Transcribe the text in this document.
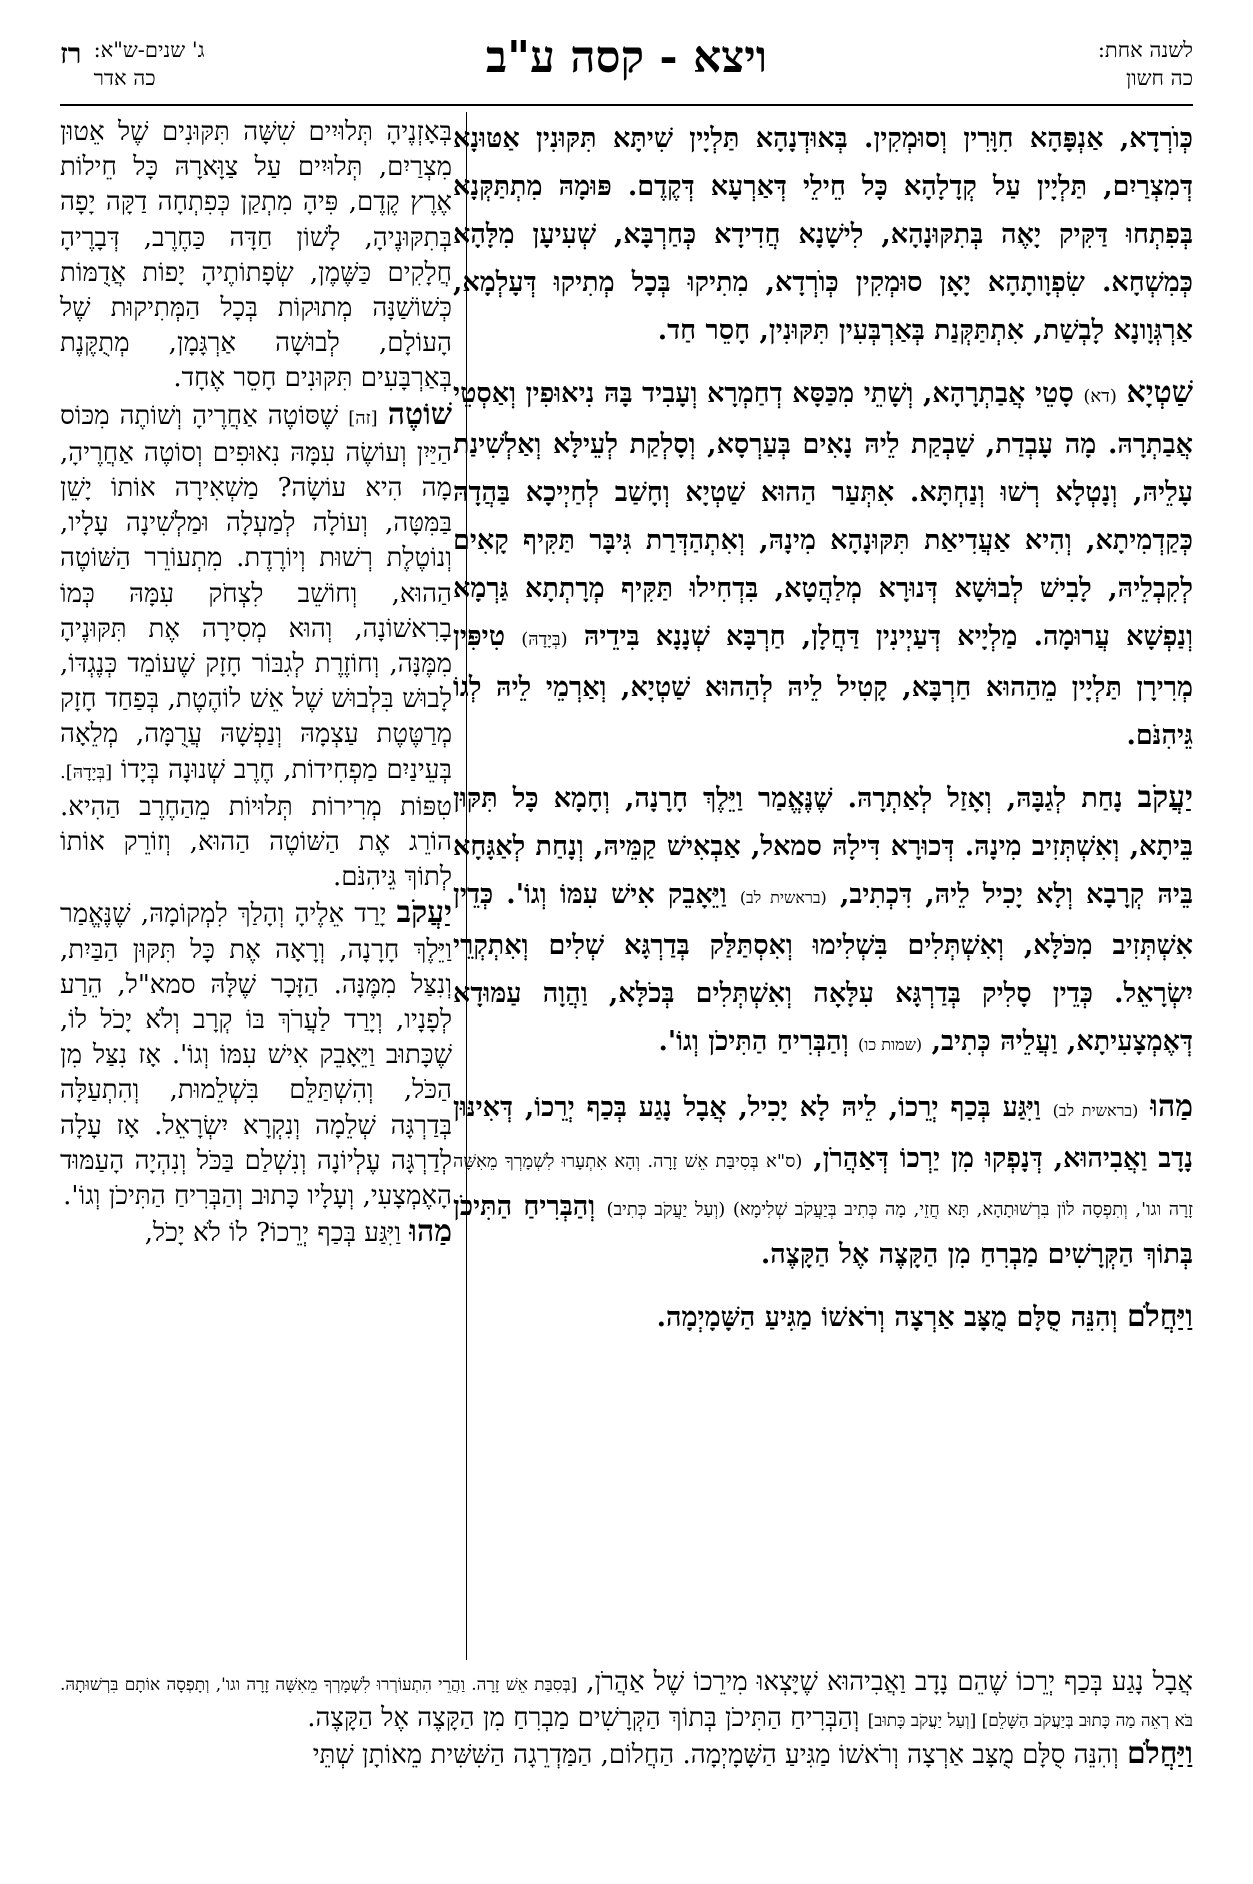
לשנה אחת:
כה חשון
ויצא - קסה ע"ב
ג' שנים-ש"א:
כה אדר
רז

כְּוֺרְדָא, אַנְפָּהָא חִוָּרִין וְסוּמְקִין. בְּאוּדְנָהָא תַּלְיָין שִׁיתָּא תִּקּוּנִין אַטּוּנָא דְּמִצְרַיִם, תַּלְיָין עַל קְדָלָהָא כָּל חֵילֵי דְּאַרְעָא דְּקֶדֶם. פּוּמָהּ מִתְתַּקְּנָא בְּפִתְחוּ דַּקִּיק יָאֶה בְּתִקּוּנָהָא, לִישָׁנָא חֲדִידָא כְּחַרְבָּא, שְׁעִיעָן מִלָּהָא כְּמִשְׁחָא. שִׂפְוָותָהָא יָאָן סוּמְקִין כְּוֺרְדָא, מִתִיקוּ בְּכָל מְתִיקוּ דְּעָלְמָא, אַרְגְּוָונָא לָבְשַׁת, אִתְתַּקְּנַת בְּאַרְבְּעִין תִּקּוּנִין, חָסֵר חַד.

שַׁטְיָא (דא) סָטֵי אֲבַתְרָהָא, וְשָׁתֵי מִכַּסָּא דְחַמְרָא וְעָבִיד בָּהּ נִיאוּפִין וְאַסְטֵי אֲבַתְרָהּ. מָה עָבְדַת, שַׁבְקַת לֵיהּ נָאִים בְּעַרְסָא, וְסָלְקַת לְעֵילָּא וְאַלְשִׁינַת עָלֵיהּ, וְנָטְלָא רְשׁוּ וְנַחְתָּא. אִתְּעַר הַהוּא שַׁטְיָא וְחָשַׁב לְחַיְיכָא בַּהֲדָהּ כְּקַדְמִיתָא, וְהִיא אַעֲדִיאַת תִּקּוּנָהָא מִינָהּ, וְאִתְהַדְּרַת גִּיבָּר תַּקִּיף קָאִים לְקִבְלֵיהּ, לָבִישׁ לְבוּשָׁא דְּנוּרָא מְלַהֲטָא, בִּדְחִילוּ תַּקִּיף מְרָתְתָא גַּרְמָא וְנַפְשָׁא עֲרוּמָה. מַלְיָיא דְּעַיְינִין דַּחֲלָן, חַרְבָּא שְׁנָנָא בִּידֵיהּ (בְּיָדָהּ) טִיפִּין מְרִירָן תַּלְיָין מֵהַהוּא חַרְבָּא, קָטִיל לֵיהּ לְהַהוּא שַׁטְיָא, וְאַרְמֵי לֵיהּ לְגוֹ גֵּיהִנֹּם.

יַעֲקֹב נָחַת לְגַבָּהּ, וְאָזַל לְאַתְרָהּ. שֶׁנֶּאֱמַר וַיֵּלֶךְ חָרָנָה, וְחָמָא כָּל תִּקּוּן בֵּיתָא, וְאִשְׁתְּזִיב מִינָהּ. דְּכוּרָא דִּילָהּ סמאל, אַבְאִישׁ קַמֵּיהּ, וְנָחַת לְאַגָּחָא בֵּיהּ קְרָבָא וְלָא יָכִיל לֵיהּ, דִּכְתִיב, (בראשית לב) וַיֵּאָבֵק אִישׁ עִמּוֹ וְגוֹ'. כְּדֵין אִשְׁתְּזִיב מִכֹּלָּא, וְאִשְׁתְּלִים בִּשְׁלִימוּ וְאִסְתַּלַּק בְּדַרְגָּא שְׁלִים וְאִתְקְרֵי יִשְׂרָאֵל. כְּדֵין סָלִיק בְּדַרְגָּא עִלָּאָה וְאִשְׁתְּלִים בְּכֹלָּא, וַהֲוָה עַמּוּדָא דְּאֶמְצָעִיתָא, וַעֲלֵיהּ כְּתִיב, (שמות כו) וְהַבְּרִיחַ הַתִּיכֹן וְגוֹ'.

מַהוּ (בראשית לב) וַיִּגַּע בְּכַף יְרֵכוֹ, לֵיהּ לָא יָכִיל, אֲבָל נָגַע בְּכַף יְרֵכוֹ, דְּאִינּוּן נָדָב וַאֲבִיהוּא, דְּנָפְקוּ מִן יַרְכוֹ דְּאַהֲרֹן, (ס"א בְּסִיבַּת אֵשׁ זָרָה. וְהָא אִתְעָרוּ לִשְׁמָרְךָ מֵאִשָּׁה זָרָה וגו', וְתִפְסָה לוֹן בִּרְשׁוּתָהָא, תָּא חֲזֵי, מָה כְּתִיב בְּיַעֲקֹב שְׁלִימָא) (וְעַל יַעֲקֹב כְּתִיב) וְהַבְּרִיחַ הַתִּיכֹן בְּתוֹךְ הַקְּרָשִׁים מַבְרִחַ מִן הַקָּצֶה אֶל הַקָּצֶה.

וַיַּחֲלֹם וְהִנֵּה סֻלָּם מֻצָּב אַרְצָה וְרֹאשׁוֹ מַגִּיעַ הַשָּׁמָיְמָה.

בְּאָזְנֶיהָ תְּלוּיִים שִׁשָּׁה תִּקּוּנִים שֶׁל אֵטוּן מִצְרַיִם, תְּלוּיִים עַל צַוָּארָהּ כָּל חֵילוֹת אֶרֶץ קֶדֶם, פִּיהָ מִתְקַן כְּפִתְחָה דַקָּה יָפָה בְּתִקּוּנֶיהָ, לָשׁוֹן חַדָּה כַּחֶרֶב, דְּבָרֶיהָ חֲלָקִים כַּשֶּׁמֶן, שְׂפָתוֹתֶיהָ יָפוֹת אֲדֻמּוֹת כְּשׁוֹשַׁנָּה מְתוּקוֹת בְּכָל הַמְּתִיקוּת שֶׁל הָעוֹלָם, לְבוּשָׁה אַרְגָּמָן, מְתֻקֶּנֶת בְּאַרְבָּעִים תִּקּוּנִים חָסֵר אֶחָד.

שׁוֹטֶה [זה] שֶׁסּוֹטֶה אַחֲרֶיהָ וְשׁוֹתֶה מִכּוֹס הַיַּיִן וְעוֹשֶׂה עִמָּהּ נִאוּפִים וְסוֹטֶה אַחֲרֶיהָ, מָה הִיא עוֹשָׂה? מַשְׁאִירָה אוֹתוֹ יָשֵׁן בַּמִּטָּה, וְעוֹלָה לְמַעְלָה וּמַלְשִׁינָה עָלָיו, וְנוֹטֶלֶת רְשׁוּת וְיוֹרֶדֶת. מִתְעוֹרֵר הַשּׁוֹטֶה הַהוּא, וְחוֹשֵׁב לִצְחֹק עִמָּהּ כְּמוֹ בָרִאשׁוֹנָה, וְהוּא מְסִירָה אֶת תִּקּוּנֶיהָ מִמֶּנָּה, וְחוֹזֶרֶת לְגִבּוֹר חָזָק שֶׁעוֹמֵד כְּנֶגְדּוֹ, לָבוּשׁ בִּלְבוּשׁ שֶׁל אֵשׁ לוֹהֶטֶת, בְּפַחַד חָזָק מְרַטֶּטֶת עַצְמָהּ וְנַפְשָׁהּ עֲרֻמָּה, מְלֵאָה בְּעֵינַיִם מַפְחִידוֹת, חֶרֶב שְׁנוּנָה בְּיָדוֹ [בְּיָדָהּ]. טִפּוֹת מְרִירוֹת תְּלוּיוֹת מֵהַחֶרֶב הַהִיא. הוֹרֵג אֶת הַשּׁוֹטֶה הַהוּא, וְזוֹרֵק אוֹתוֹ לְתוֹךְ גֵּיהִנֹּם.

יַעֲקֹב יָרַד אֵלֶיהָ וְהָלַךְ לִמְקוֹמָהּ, שֶׁנֶּאֱמַר וַיֵּלֶךְ חָרָנָה, וְרָאָה אֶת כָּל תִּקּוּן הַבַּיִת, וְנִצַּל מִמֶּנָּה. הַזָּכָר שֶׁלָּהּ סמא"ל, הֵרַע לְפָנָיו, וְיָרַד לַעֲרֹךְ בּוֹ קְרָב וְלֹא יָכֹל לוֹ, שֶׁכָּתוּב וַיֵּאָבֵק אִישׁ עִמּוֹ וְגוֹ'. אָז נִצַּל מִן הַכֹּל, וְהִשְׁתַּלֵּם בִּשְׁלֵמוּת, וְהִתְעַלָּה בְּדַרְגָּה שְׁלֵמָה וְנִקְרָא יִשְׂרָאֵל. אָז עָלָה לְדַרְגָּה עֶלְיוֹנָה וְנִשְׁלַם בַּכֹּל וְנִהְיָה הָעַמּוּד הָאֶמְצָעִי, וְעָלָיו כָּתוּב וְהַבְּרִיחַ הַתִּיכֹן וְגוֹ'.

מַהוּ וַיִּגַּע בְּכַף יְרֵכוֹ? לוֹ לֹא יָכֹל,

אֲבָל נָגַע בְּכַף יְרֵכוֹ שֶׁהֵם נָדָב וַאֲבִיהוּא שֶׁיָּצְאוּ מִירֵכוֹ שֶׁל אַהֲרֹן, [בְּסִבַּת אֵשׁ זָרָה. וַהֲרֵי הִתְעוֹרְרוּ לִשְׁמָרְךָ מֵאִשָּׁה זָרָה וגו', וְתָפְסָה אוֹתָם בִּרְשׁוּתָהּ. בֹּא רְאֵה מַה כָּתוּב בְּיַעֲקֹב הַשָּׁלֵם] [וְעַל יַעֲקֹב כָּתוּב] וְהַבְּרִיחַ הַתִּיכֹן בְּתוֹךְ הַקְּרָשִׁים מַבְרִחַ מִן הַקָּצֶה אֶל הַקָּצֶה.

וַיַּחֲלֹם וְהִנֵּה סֻלָּם מֻצָּב אַרְצָה וְרֹאשׁוֹ מַגִּיעַ הַשָּׁמָיְמָה. הַחֲלוֹם, הַמַּדְרֵגָה הַשִּׁשִּׁית מֵאוֹתָן שְׁתֵּי
